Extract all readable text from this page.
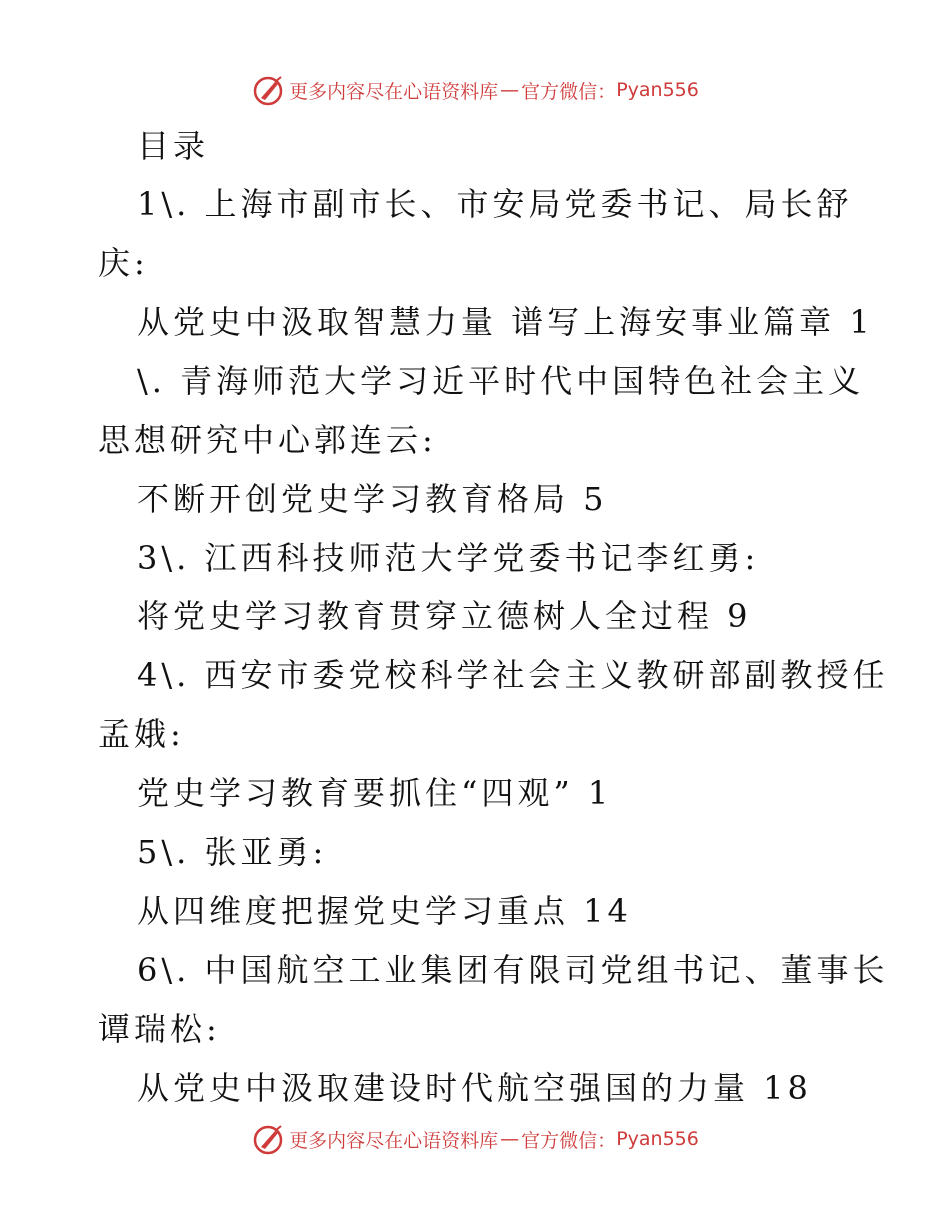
更多内容尽在心语资料库 — 官方微信： Pyan556
目录
1\. 上海市副市长、市安局党委书记、局长舒
庆:
从党史中汲取智慧力量 谱写上海安事业篇章 1
\. 青海师范大学习近平时代中国特色社会主义
思想研究中心郭连云:
不断开创党史学习教育格局 5
3\. 江西科技师范大学党委书记李红勇:
将党史学习教育贯穿立德树人全过程 9
4\. 西安市委党校科学社会主义教研部副教授任
孟娥:
党史学习教育要抓住“四观” 1
5\. 张亚勇:
从四维度把握党史学习重点 14
6\. 中国航空工业集团有限司党组书记、董事长
谭瑞松:
从党史中汲取建设时代航空强国的力量 18
更多内容尽在心语资料库 — 官方微信： Pyan556
